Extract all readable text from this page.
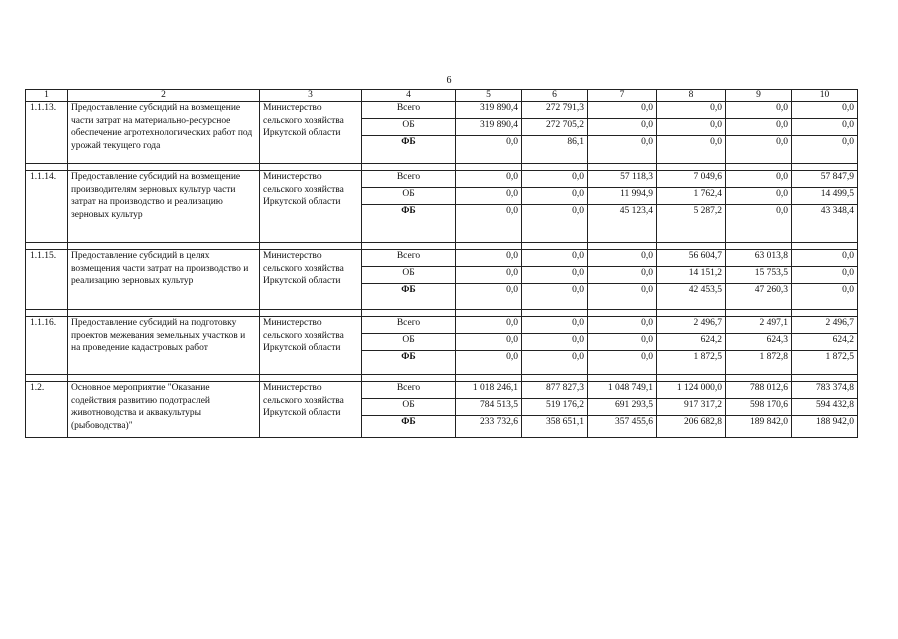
6
1	2	3	4	5	6	7	8	9	10
1.1.13.	Предоставление субсидий на возмещение части затрат на материально-ресурсное обеспечение агротехнологических работ под урожай текущего года	Министерство сельского хозяйства Иркутской области	Всего	319 890,4	272 791,3	0,0	0,0	0,0	0,0
			ОБ	319 890,4	272 705,2	0,0	0,0	0,0	0,0
			ФБ	0,0	86,1	0,0	0,0	0,0	0,0

1.1.14.	Предоставление субсидий на возмещение производителям зерновых культур части затрат на производство и реализацию зерновых культур	Министерство сельского хозяйства Иркутской области	Всего	0,0	0,0	57 118,3	7 049,6	0,0	57 847,9
			ОБ	0,0	0,0	11 994,9	1 762,4	0,0	14 499,5
			ФБ	0,0	0,0	45 123,4	5 287,2	0,0	43 348,4

1.1.15.	Предоставление субсидий в целях возмещения части затрат на производство и реализацию зерновых культур	Министерство сельского хозяйства Иркутской области	Всего	0,0	0,0	0,0	56 604,7	63 013,8	0,0
			ОБ	0,0	0,0	0,0	14 151,2	15 753,5	0,0
			ФБ	0,0	0,0	0,0	42 453,5	47 260,3	0,0

1.1.16.	Предоставление субсидий на подготовку проектов межевания земельных участков и на проведение кадастровых работ	Министерство сельского хозяйства Иркутской области	Всего	0,0	0,0	0,0	2 496,7	2 497,1	2 496,7
			ОБ	0,0	0,0	0,0	624,2	624,3	624,2
			ФБ	0,0	0,0	0,0	1 872,5	1 872,8	1 872,5

1.2.	Основное мероприятие "Оказание содействия развитию подотраслей животноводства и аквакультуры (рыбоводства)"	Министерство сельского хозяйства Иркутской области	Всего	1 018 246,1	877 827,3	1 048 749,1	1 124 000,0	788 012,6	783 374,8
			ОБ	784 513,5	519 176,2	691 293,5	917 317,2	598 170,6	594 432,8
			ФБ	233 732,6	358 651,1	357 455,6	206 682,8	189 842,0	188 942,0
